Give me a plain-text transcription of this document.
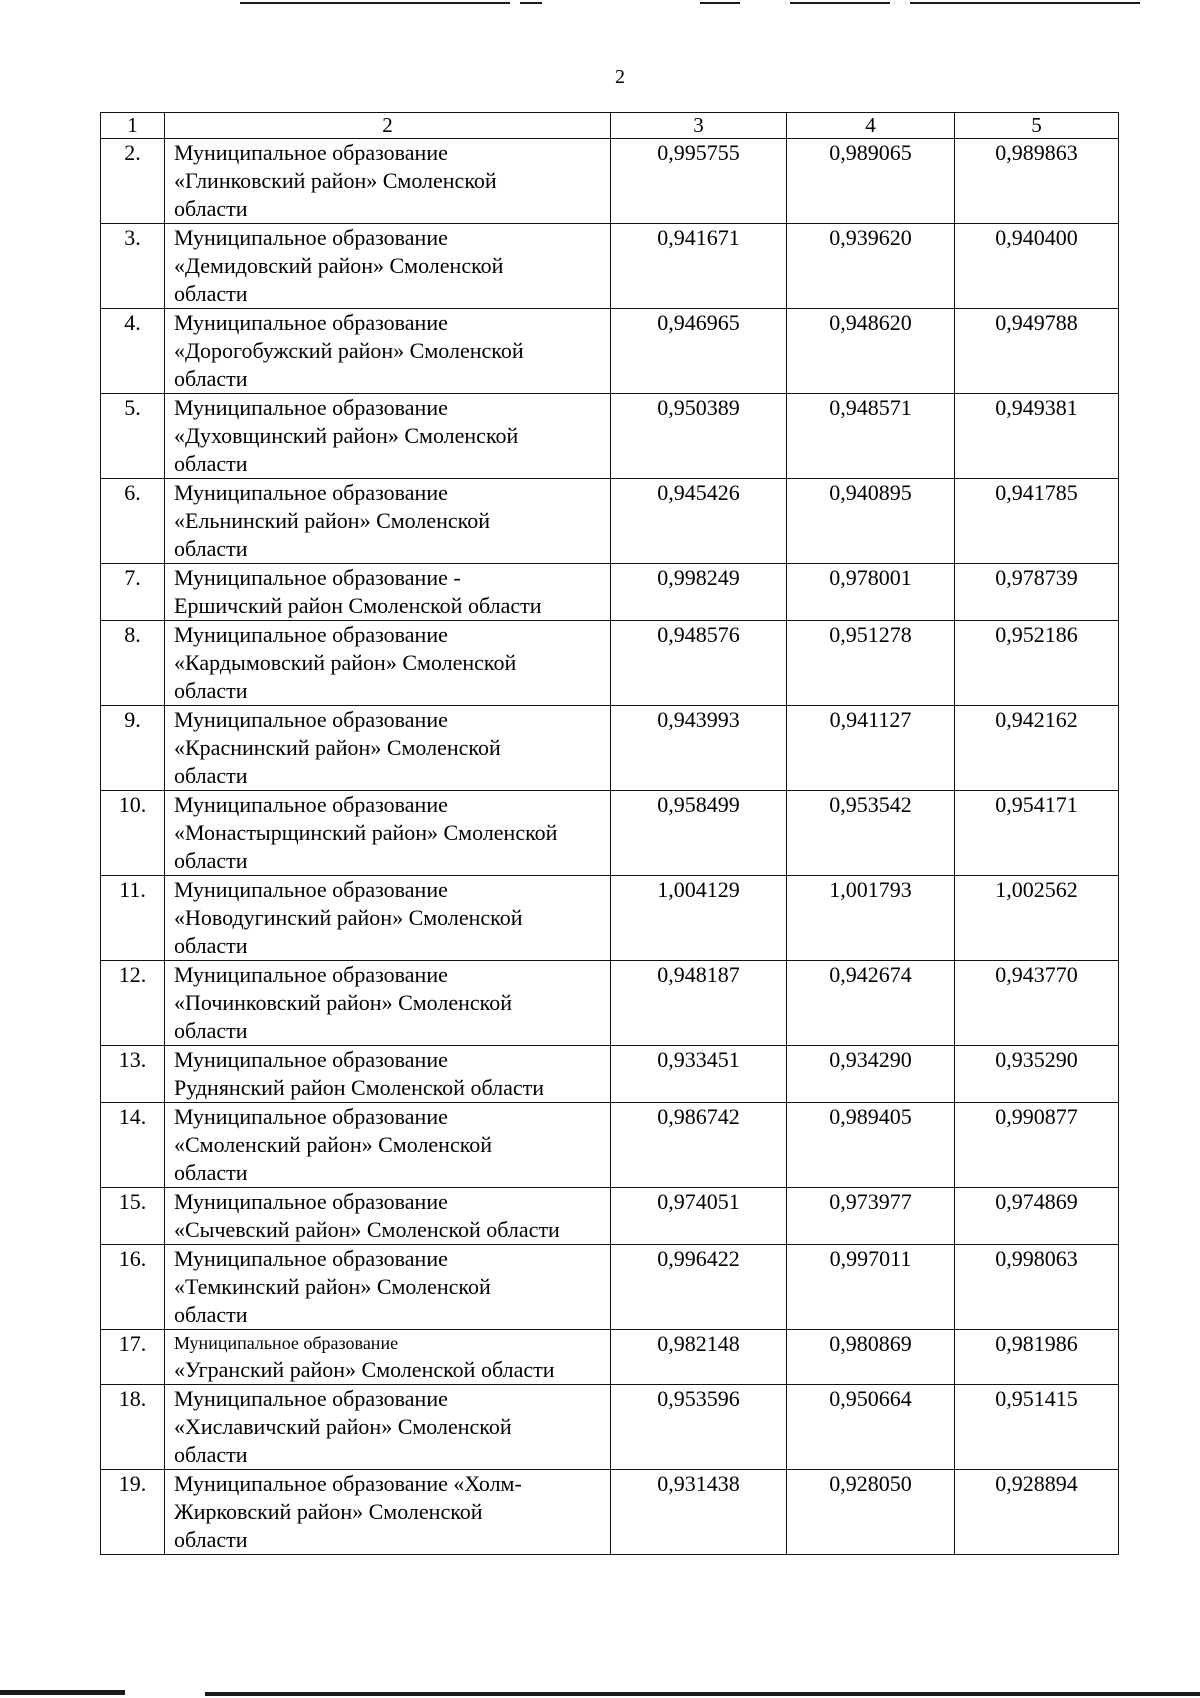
2
1	2	3	4	5
2.	Муниципальное образование
«Глинковский район» Смоленской
области	0,995755	0,989065	0,989863
3.	Муниципальное образование
«Демидовский район» Смоленской
области	0,941671	0,939620	0,940400
4.	Муниципальное образование
«Дорогобужский район» Смоленской
области	0,946965	0,948620	0,949788
5.	Муниципальное образование
«Духовщинский район» Смоленской
области	0,950389	0,948571	0,949381
6.	Муниципальное образование
«Ельнинский район» Смоленской
области	0,945426	0,940895	0,941785
7.	Муниципальное образование -
Ершичский район Смоленской области	0,998249	0,978001	0,978739
8.	Муниципальное образование
«Кардымовский район» Смоленской
области	0,948576	0,951278	0,952186
9.	Муниципальное образование
«Краснинский район» Смоленской
области	0,943993	0,941127	0,942162
10.	Муниципальное образование
«Монастырщинский район» Смоленской
области	0,958499	0,953542	0,954171
11.	Муниципальное образование
«Новодугинский район» Смоленской
области	1,004129	1,001793	1,002562
12.	Муниципальное образование
«Починковский район» Смоленской
области	0,948187	0,942674	0,943770
13.	Муниципальное образование
Руднянский район Смоленской области	0,933451	0,934290	0,935290
14.	Муниципальное образование
«Смоленский район» Смоленской
области	0,986742	0,989405	0,990877
15.	Муниципальное образование
«Сычевский район» Смоленской области	0,974051	0,973977	0,974869
16.	Муниципальное образование
«Темкинский район» Смоленской
области	0,996422	0,997011	0,998063
17.	Муниципальное образование
«Угранский район» Смоленской области	0,982148	0,980869	0,981986
18.	Муниципальное образование
«Хиславичский район» Смоленской
области	0,953596	0,950664	0,951415
19.	Муниципальное образование «Холм-
Жирковский район» Смоленской
области	0,931438	0,928050	0,928894
